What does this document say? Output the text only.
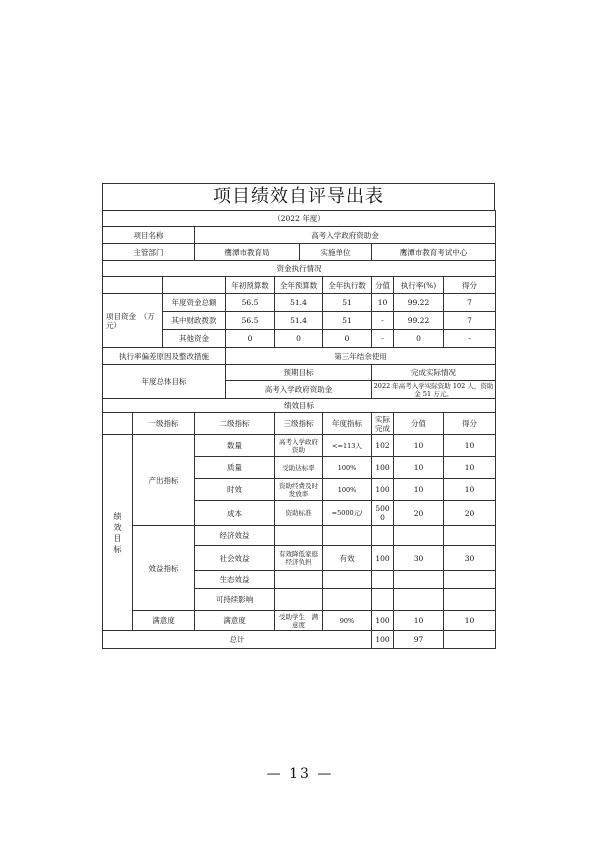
项目绩效自评导出表
（2022 年度）										
项目名称			高考入学政府资助金							
主管部门			鹰潭市教育局			实施单位		鹰潭市教育考试中心		
资金执行情况										
				年初预算数	全年预算数		全年执行数	分值	执行率(%)	得分
项目资金　（万元）		年度资金总额		56.5	51.4		51	10	99.22	7
		其中财政拨款		56.5	51.4		51	-	99.22	7
		其他资金		0	0		0	-	0	-
执行率偏差原因及整改措施				第三年结余使用						
年度总体目标				预期目标				完成实际情况		
				高考入学政府资助金				2022 年高考入学实际资助 102 人，资助金 51 万元。		
绩效目标										
	一级指标		二级指标		三级指标		年度指标	实际完成	分值	得分
绩效目标	产出指标		数量		高考入学政府资助		<=113人	102	10	10
			质量		受助达标率		100%	100	10	10
			时效		资助经费及时发放率		100%	100	10	10
			成本		资助标准		=5000元/	5000	20	20
	效益指标		经济效益							
			社会效益		有效降低家庭经济负担		有效	100	30	30
			生态效益							
			可持续影响							
	满意度		满意度		受助学生　满意度		90%	100	10	10
总计								100	97	
— 13 —
